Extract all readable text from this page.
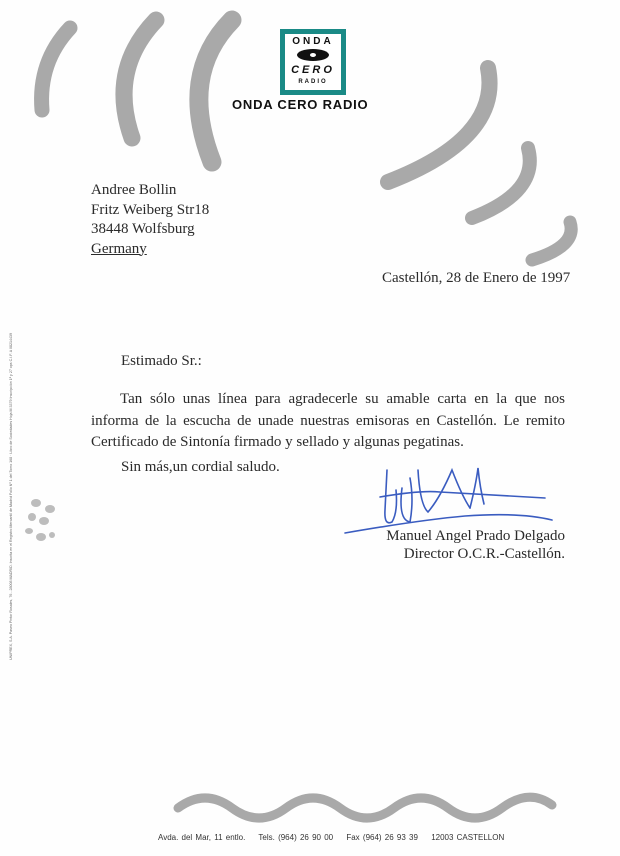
ONDA
CERO
RADIO
ONDA CERO RADIO
Andree Bollin
Fritz Weiberg Str18
38448 Wolfsburg
Germany
Castellón, 28 de Enero de 1997
Estimado Sr.:
Tan sólo unas línea para agradecerle su amable carta en la que nos informa de la escucha de unade nuestras emisoras en Castellón. Le remito Certificado de Sintonía firmado y sellado y algunas pegatinas.
Sin más,un cordial saludo.
Manuel Angel Prado Delgado
Director O.C.R.-Castellón.
UNIPREX, S.A. Paseo Pintor Rosales, 76 - 28008 MADRID. Inscrita en el Registro Mercantil de Madrid Folio Nº 1 del Tomo 168 · Libro de Sociedades Hoja M 3379 Inscripción 1ª y 27 ops C.I.F. A 08214439
Avda. del Mar, 11 entlo. Tels. (964) 26 90 00 Fax (964) 26 93 39 12003 CASTELLON
